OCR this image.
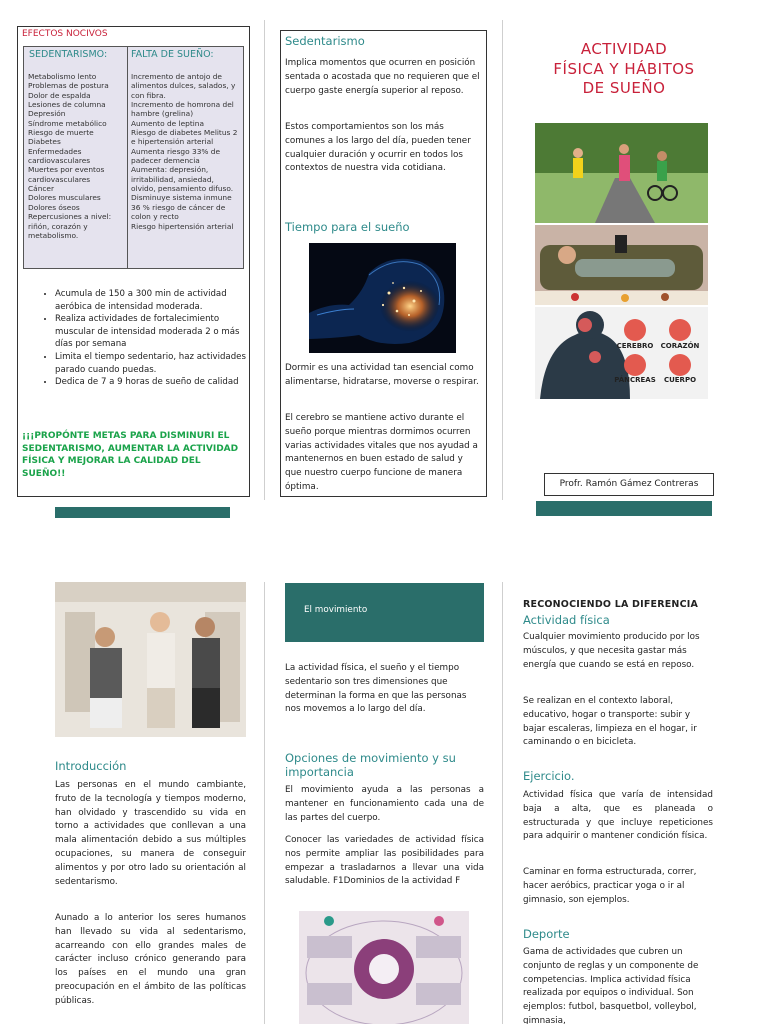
EFECTOS NOCIVOS
SEDENTARISMO:	FALTA DE SUEÑO:
Metabolismo lento
Problemas de postura
Dolor de espalda
Lesiones de columna
Depresión
Síndrome metabólico
Riesgo de muerte
Diabetes
Enfermedades
cardiovasculares
Muertes por eventos
cardiovasculares
Cáncer
Dolores musculares
Dolores óseos
Repercusiones a nivel:
riñón, corazón y
metabolismo.
Incremento de antojo de
alimentos dulces, salados, y
con fibra.
Incremento de homrona del
hambre (grelina)
Aumento de leptina
Riesgo de diabetes Melitus 2
e hipertensión arterial
Aumenta riesgo 33% de
padecer demencia
Aumenta: depresión,
irritabilidad, ansiedad,
olvido, pensamiento difuso.
Disminuye sistema inmune
36 % riesgo de cáncer de
colon y recto
Riesgo hipertensión arterial
• Acumula de 150 a 300 min de actividad aeróbica de intensidad moderada.
• Realiza actividades de fortalecimiento muscular de intensidad moderada 2 o más días por semana
• Limita el tiempo sedentario, haz actividades parado cuando puedas.
• Dedica de 7 a 9 horas de sueño de calidad
¡¡¡PROPÓNTE METAS PARA DISMINURI EL SEDENTARISMO, AUMENTAR LA ACTIVIDAD FÍSICA Y MEJORAR LA CALIDAD DEL SUEÑO!!
Sedentarismo
Implica momentos que ocurren en posición sentada o acostada que no requieren que el cuerpo gaste energía superior al reposo.
Estos comportamientos son los más comunes a los largo del día, pueden tener cualquier duración y ocurrir en todos los contextos de nuestra vida cotidiana.
Tiempo para el sueño
Dormir es una actividad tan esencial como alimentarse, hidratarse, moverse o respirar.
El cerebro se mantiene activo durante el sueño porque mientras dormimos ocurren varias actividades vitales que nos ayudad a mantenernos en buen estado de salud y que nuestro cuerpo funcione de manera óptima.
ACTIVIDAD
FÍSICA Y HÁBITOS
DE SUEÑO
CEREBRO CORAZÓN
PÁNCREAS CUERPO
Profr. Ramón Gámez Contreras
Introducción
Las personas en el mundo cambiante, fruto de la tecnología y tiempos moderno, han olvidado y trascendido su vida en torno a actividades que conllevan a una mala alimentación debido a sus múltiples ocupaciones, su manera de conseguir alimentos y por otro lado su orientación al sedentarismo.
Aunado a lo anterior los seres humanos han llevado su vida al sedentarismo, acarreando con ello grandes males de carácter incluso crónico generando para los países en el mundo una gran preocupación en el ámbito de las políticas públicas.
El movimiento
La actividad física, el sueño y el tiempo sedentario son tres dimensiones que determinan la forma en que las personas nos movemos a lo largo del día.
Opciones de movimiento y su importancia
El movimiento ayuda a las personas a mantener en funcionamiento cada una de las partes del cuerpo.
Conocer las variedades de actividad física nos permite ampliar las posibilidades para empezar a trasladarnos a llevar una vida saludable. F1Dominios de la actividad F
RECONOCIENDO LA DIFERENCIA
Actividad física
Cualquier movimiento producido por los músculos, y que necesita gastar más energía que cuando se está en reposo.
Se realizan en el contexto laboral, educativo, hogar o transporte: subir y bajar escaleras, limpieza en el hogar, ir caminando o en bicicleta.
Ejercicio.
Actividad física que varía de intensidad baja a alta, que es planeada o estructurada y que incluye repeticiones para adquirir o mantener condición física.
Caminar en forma estructurada, correr, hacer aeróbics, practicar yoga o ir al gimnasio, son ejemplos.
Deporte
Gama de actividades que cubren un conjunto de reglas y un componente de competencias. Implica actividad física realizada por equipos o individual. Son ejemplos: futbol, basquetbol, volleybol, gimnasia,
